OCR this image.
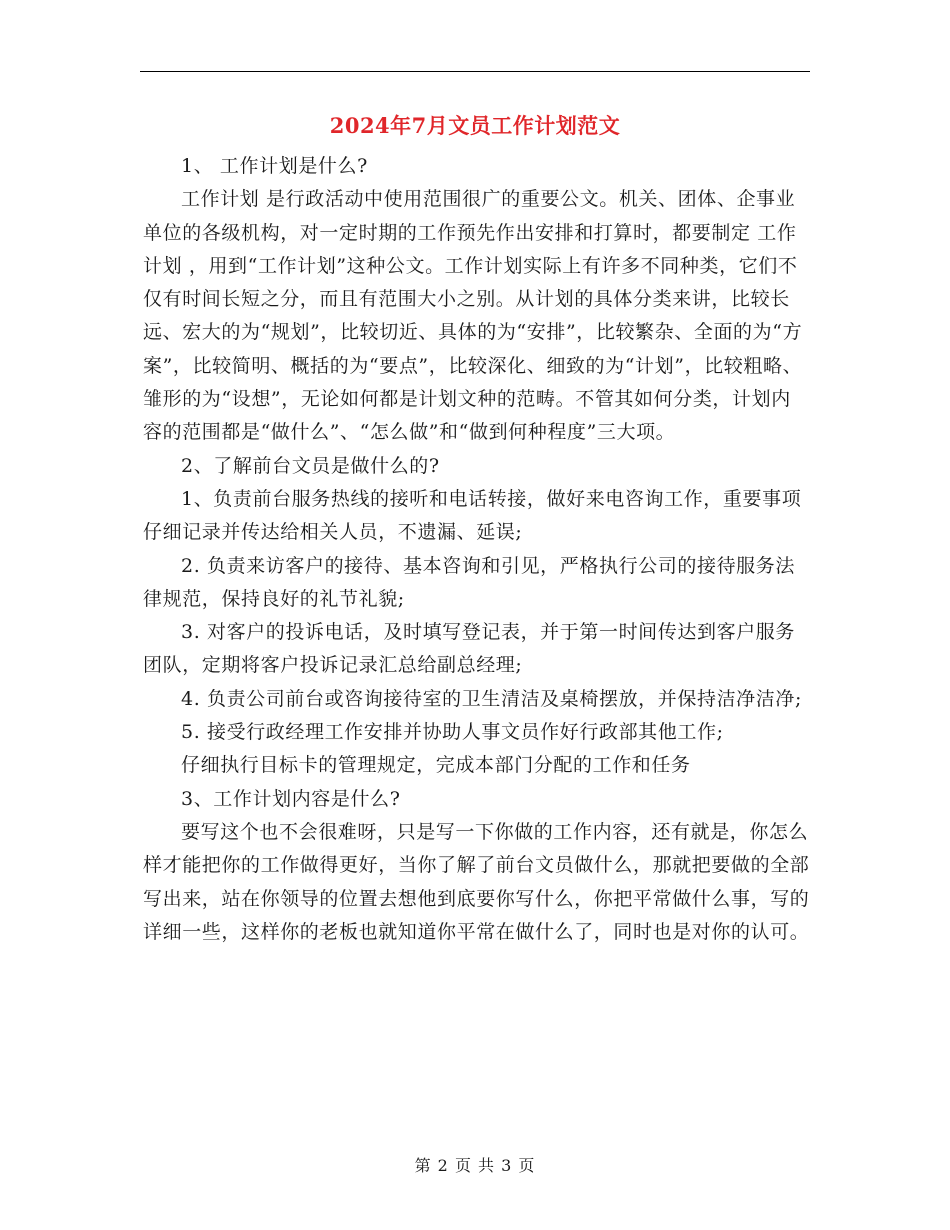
2024年7月文员工作计划范文

1、 工作计划是什么?

工作计划 是行政活动中使用范围很广的重要公文。机关、团体、企事业单位的各级机构，对一定时期的工作预先作出安排和打算时，都要制定 工作计划 ，用到“工作计划”这种公文。工作计划实际上有许多不同种类，它们不仅有时间长短之分，而且有范围大小之别。从计划的具体分类来讲，比较长远、宏大的为“规划”，比较切近、具体的为“安排”，比较繁杂、全面的为“方案”，比较简明、概括的为“要点”，比较深化、细致的为“计划”，比较粗略、雏形的为“设想”，无论如何都是计划文种的范畴。不管其如何分类，计划内容的范围都是“做什么”、“怎么做”和“做到何种程度”三大项。

2、了解前台文员是做什么的?

1、负责前台服务热线的接听和电话转接，做好来电咨询工作，重要事项仔细记录并传达给相关人员，不遗漏、延误;

2. 负责来访客户的接待、基本咨询和引见，严格执行公司的接待服务法律规范，保持良好的礼节礼貌;

3. 对客户的投诉电话，及时填写登记表，并于第一时间传达到客户服务团队，定期将客户投诉记录汇总给副总经理;

4. 负责公司前台或咨询接待室的卫生清洁及桌椅摆放，并保持洁净洁净;

5. 接受行政经理工作安排并协助人事文员作好行政部其他工作;

仔细执行目标卡的管理规定，完成本部门分配的工作和任务

3、工作计划内容是什么?

要写这个也不会很难呀，只是写一下你做的工作内容，还有就是，你怎么样才能把你的工作做得更好，当你了解了前台文员做什么，那就把要做的全部写出来，站在你领导的位置去想他到底要你写什么，你把平常做什么事，写的详细一些，这样你的老板也就知道你平常在做什么了，同时也是对你的认可。

第 2 页 共 3 页
